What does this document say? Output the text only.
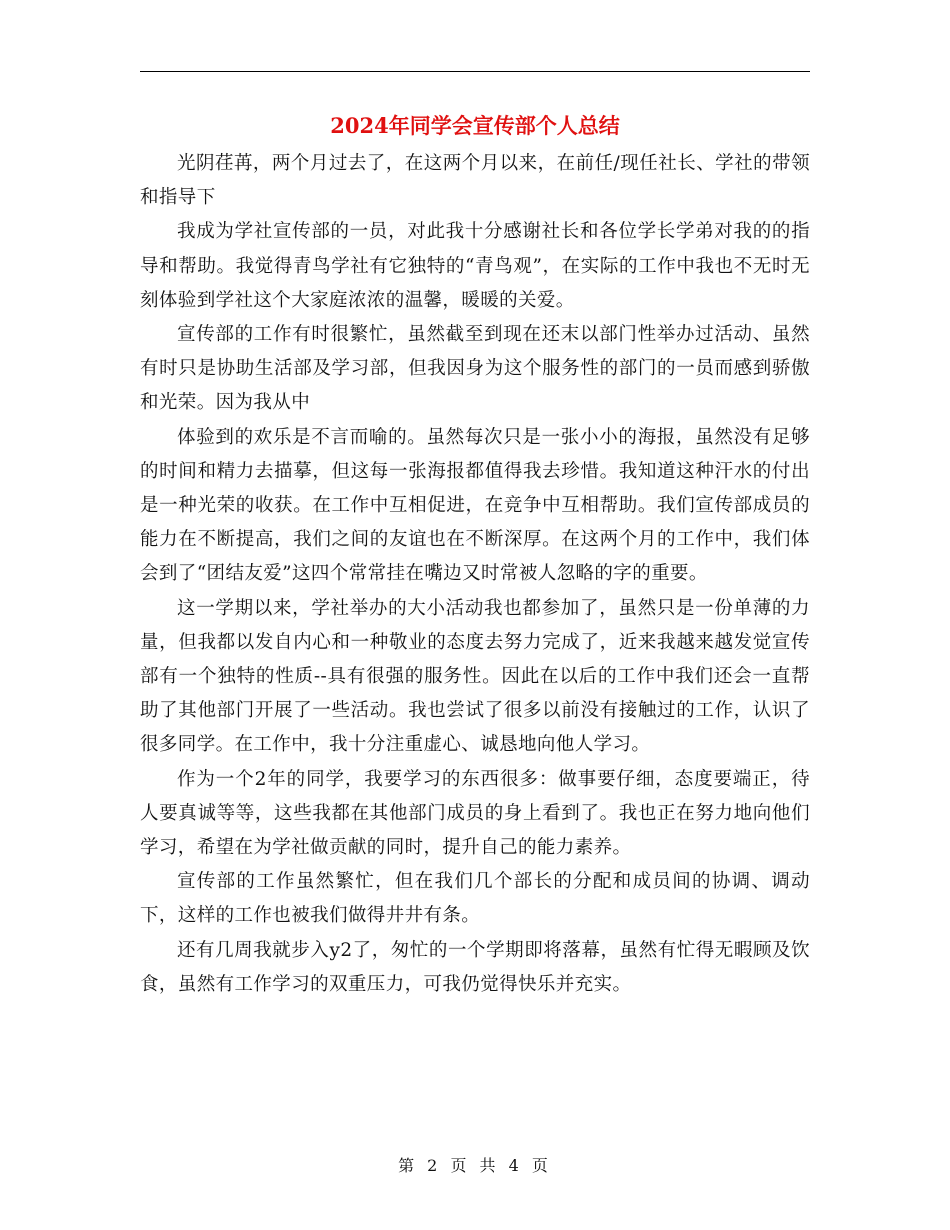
2024年同学会宣传部个人总结

光阴荏苒，两个月过去了，在这两个月以来，在前任/现任社长、学社的带领和指导下

我成为学社宣传部的一员，对此我十分感谢社长和各位学长学弟对我的的指导和帮助。我觉得青鸟学社有它独特的“青鸟观”，在实际的工作中我也不无时无刻体验到学社这个大家庭浓浓的温馨，暖暖的关爱。

宣传部的工作有时很繁忙，虽然截至到现在还末以部门性举办过活动、虽然有时只是协助生活部及学习部，但我因身为这个服务性的部门的一员而感到骄傲和光荣。因为我从中

体验到的欢乐是不言而喻的。虽然每次只是一张小小的海报，虽然没有足够的时间和精力去描摹，但这每一张海报都值得我去珍惜。我知道这种汗水的付出是一种光荣的收获。在工作中互相促进，在竞争中互相帮助。我们宣传部成员的能力在不断提高，我们之间的友谊也在不断深厚。在这两个月的工作中，我们体会到了“团结友爱”这四个常常挂在嘴边又时常被人忽略的字的重要。

这一学期以来，学社举办的大小活动我也都参加了，虽然只是一份单薄的力量，但我都以发自内心和一种敬业的态度去努力完成了，近来我越来越发觉宣传部有一个独特的性质--具有很强的服务性。因此在以后的工作中我们还会一直帮助了其他部门开展了一些活动。我也尝试了很多以前没有接触过的工作，认识了很多同学。在工作中，我十分注重虚心、诚恳地向他人学习。

作为一个2年的同学，我要学习的东西很多：做事要仔细，态度要端正，待人要真诚等等，这些我都在其他部门成员的身上看到了。我也正在努力地向他们学习，希望在为学社做贡献的同时，提升自己的能力素养。

宣传部的工作虽然繁忙，但在我们几个部长的分配和成员间的协调、调动下，这样的工作也被我们做得井井有条。

还有几周我就步入y2了，匆忙的一个学期即将落幕，虽然有忙得无暇顾及饮食，虽然有工作学习的双重压力，可我仍觉得快乐并充实。

第 2 页 共 4 页
